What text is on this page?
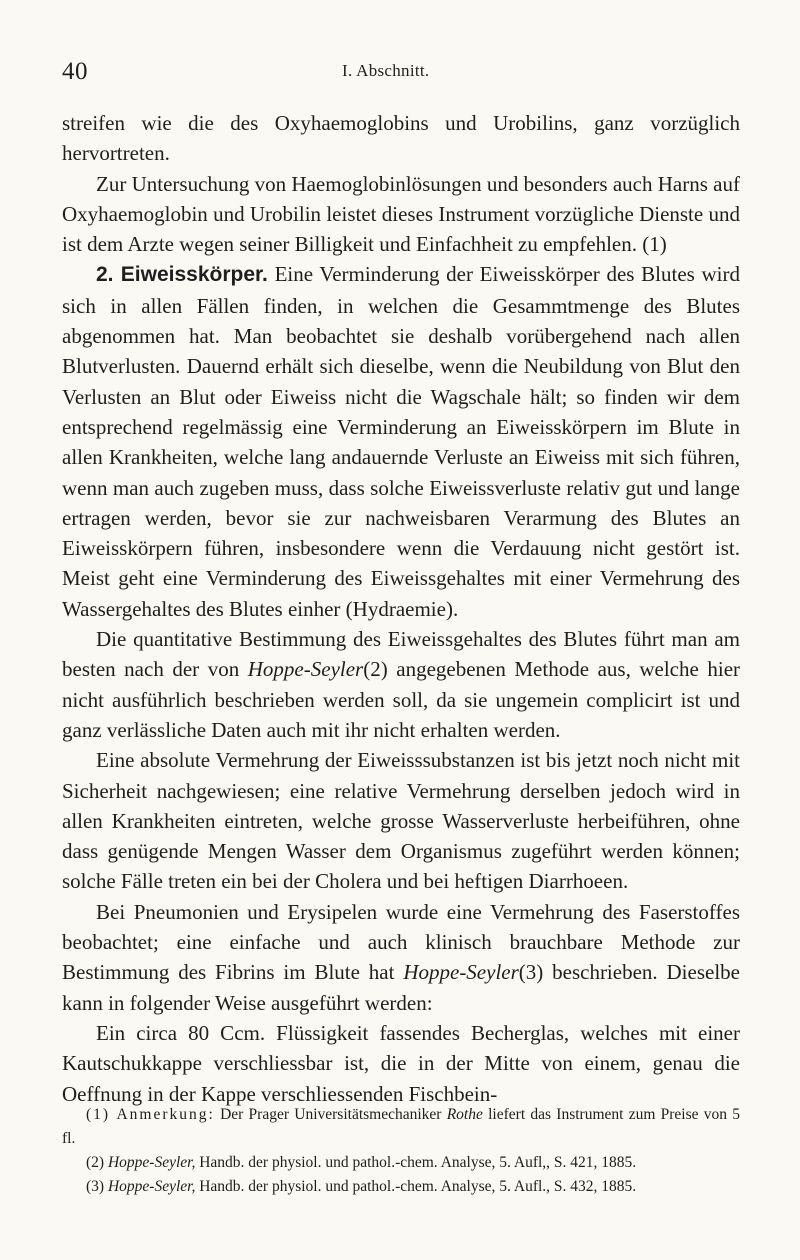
40	I. Abschnitt.

streifen wie die des Oxyhaemoglobins und Urobilins, ganz vorzüglich hervortreten.

Zur Untersuchung von Haemoglobinlösungen und besonders auch Harns auf Oxyhaemoglobin und Urobilin leistet dieses Instrument vorzügliche Dienste und ist dem Arzte wegen seiner Billigkeit und Einfachheit zu empfehlen. (1)

2. Eiweisskörper. Eine Verminderung der Eiweisskörper des Blutes wird sich in allen Fällen finden, in welchen die Gesammtmenge des Blutes abgenommen hat. Man beobachtet sie deshalb vorübergehend nach allen Blutverlusten. Dauernd erhält sich dieselbe, wenn die Neubildung von Blut den Verlusten an Blut oder Eiweiss nicht die Wagschale hält; so finden wir dem entsprechend regelmässig eine Verminderung an Eiweisskörpern im Blute in allen Krankheiten, welche lang andauernde Verluste an Eiweiss mit sich führen, wenn man auch zugeben muss, dass solche Eiweissverluste relativ gut und lange ertragen werden, bevor sie zur nachweisbaren Verarmung des Blutes an Eiweisskörpern führen, insbesondere wenn die Verdauung nicht gestört ist. Meist geht eine Verminderung des Eiweissgehaltes mit einer Vermehrung des Wassergehaltes des Blutes einher (Hydraemie).

Die quantitative Bestimmung des Eiweissgehaltes des Blutes führt man am besten nach der von Hoppe-Seyler(2) angegebenen Methode aus, welche hier nicht ausführlich beschrieben werden soll, da sie ungemein complicirt ist und ganz verlässliche Daten auch mit ihr nicht erhalten werden.

Eine absolute Vermehrung der Eiweisssubstanzen ist bis jetzt noch nicht mit Sicherheit nachgewiesen; eine relative Vermehrung derselben jedoch wird in allen Krankheiten eintreten, welche grosse Wasserverluste herbeiführen, ohne dass genügende Mengen Wasser dem Organismus zugeführt werden können; solche Fälle treten ein bei der Cholera und bei heftigen Diarrhoeen.

Bei Pneumonien und Erysipelen wurde eine Vermehrung des Faserstoffes beobachtet; eine einfache und auch klinisch brauchbare Methode zur Bestimmung des Fibrins im Blute hat Hoppe-Seyler(3) beschrieben. Dieselbe kann in folgender Weise ausgeführt werden:

Ein circa 80 Ccm. Flüssigkeit fassendes Becherglas, welches mit einer Kautschukkappe verschliessbar ist, die in der Mitte von einem, genau die Oeffnung in der Kappe verschliessenden Fischbein-

(1) Anmerkung: Der Prager Universitätsmechaniker Rothe liefert das Instrument zum Preise von 5 fl.

(2) Hoppe-Seyler, Handb. der physiol. und pathol.-chem. Analyse, 5. Aufl,, S. 421, 1885.

(3) Hoppe-Seyler, Handb. der physiol. und pathol.-chem. Analyse, 5. Aufl., S. 432, 1885.
